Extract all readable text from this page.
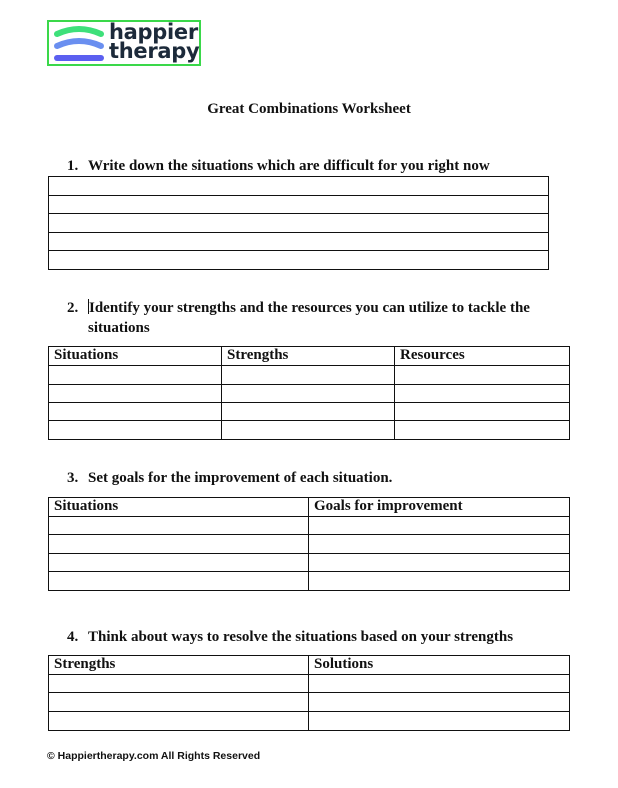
happier
therapy
Great Combinations Worksheet
1. Write down the situations which are difficult for you right now

2. Identify your strengths and the resources you can utilize to tackle the situations
Situations	Strengths	Resources

3. Set goals for the improvement of each situation.
Situations	Goals for improvement

4. Think about ways to resolve the situations based on your strengths
Strengths	Solutions

© Happiertherapy.com All Rights Reserved
